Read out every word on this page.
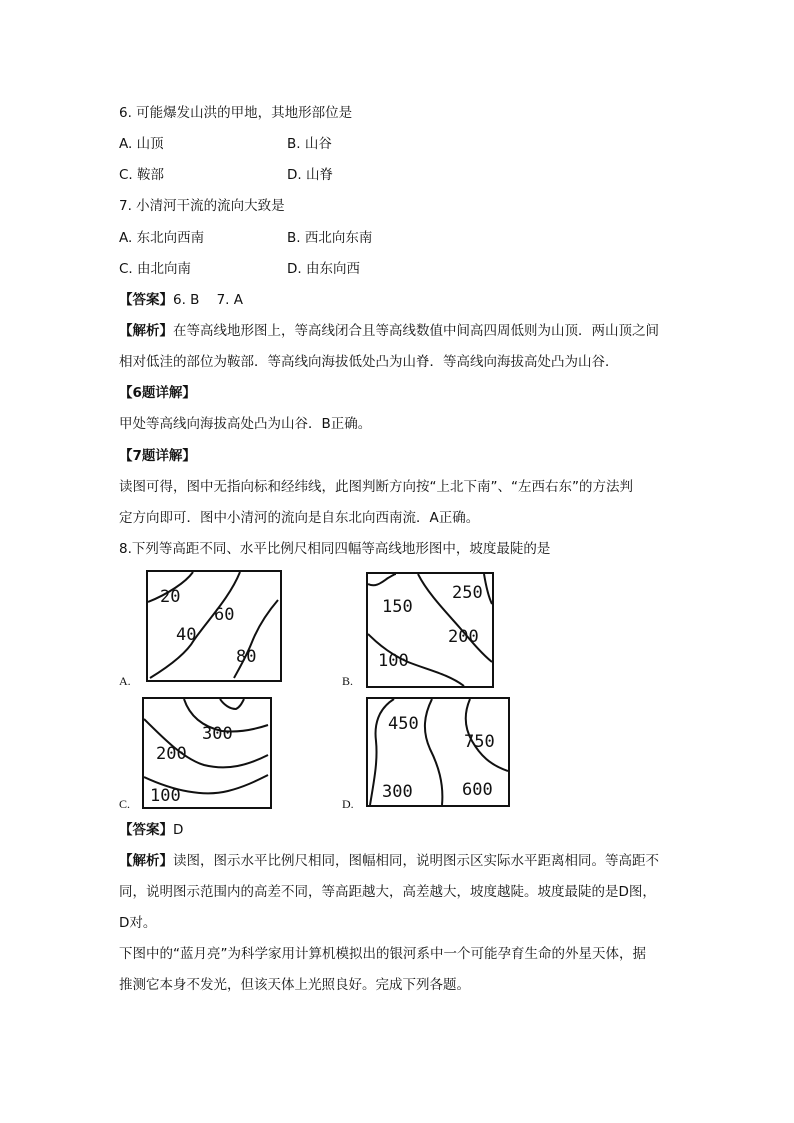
6. 可能爆发山洪的甲地，其地形部位是
A. 山顶	B. 山谷
C. 鞍部	D. 山脊
7. 小清河干流的流向大致是
A. 东北向西南	B. 西北向东南
C. 由北向南	D. 由东向西
【答案】6. B    7. A
【解析】在等高线地形图上，等高线闭合且等高线数值中间高四周低则为山顶．两山顶之间
相对低洼的部位为鞍部．等高线向海拔低处凸为山脊．等高线向海拔高处凸为山谷．
【6题详解】
甲处等高线向海拔高处凸为山谷．B正确。
【7题详解】
读图可得，图中无指向标和经纬线，此图判断方向按“上北下南”、“左西右东”的方法判
定方向即可．图中小清河的流向是自东北向西南流．A正确。
8.下列等高距不同、水平比例尺相同四幅等高线地形图中，坡度最陡的是
20
60
40
80
A.
250
150
200
100
B.
300
200
100
C.
450
750
300	600
D.
【答案】D
【解析】读图，图示水平比例尺相同，图幅相同，说明图示区实际水平距离相同。等高距不
同，说明图示范围内的高差不同，等高距越大，高差越大，坡度越陡。坡度最陡的是D图，
D对。
下图中的“蓝月亮”为科学家用计算机模拟出的银河系中一个可能孕育生命的外星天体，据
推测它本身不发光，但该天体上光照良好。完成下列各题。
